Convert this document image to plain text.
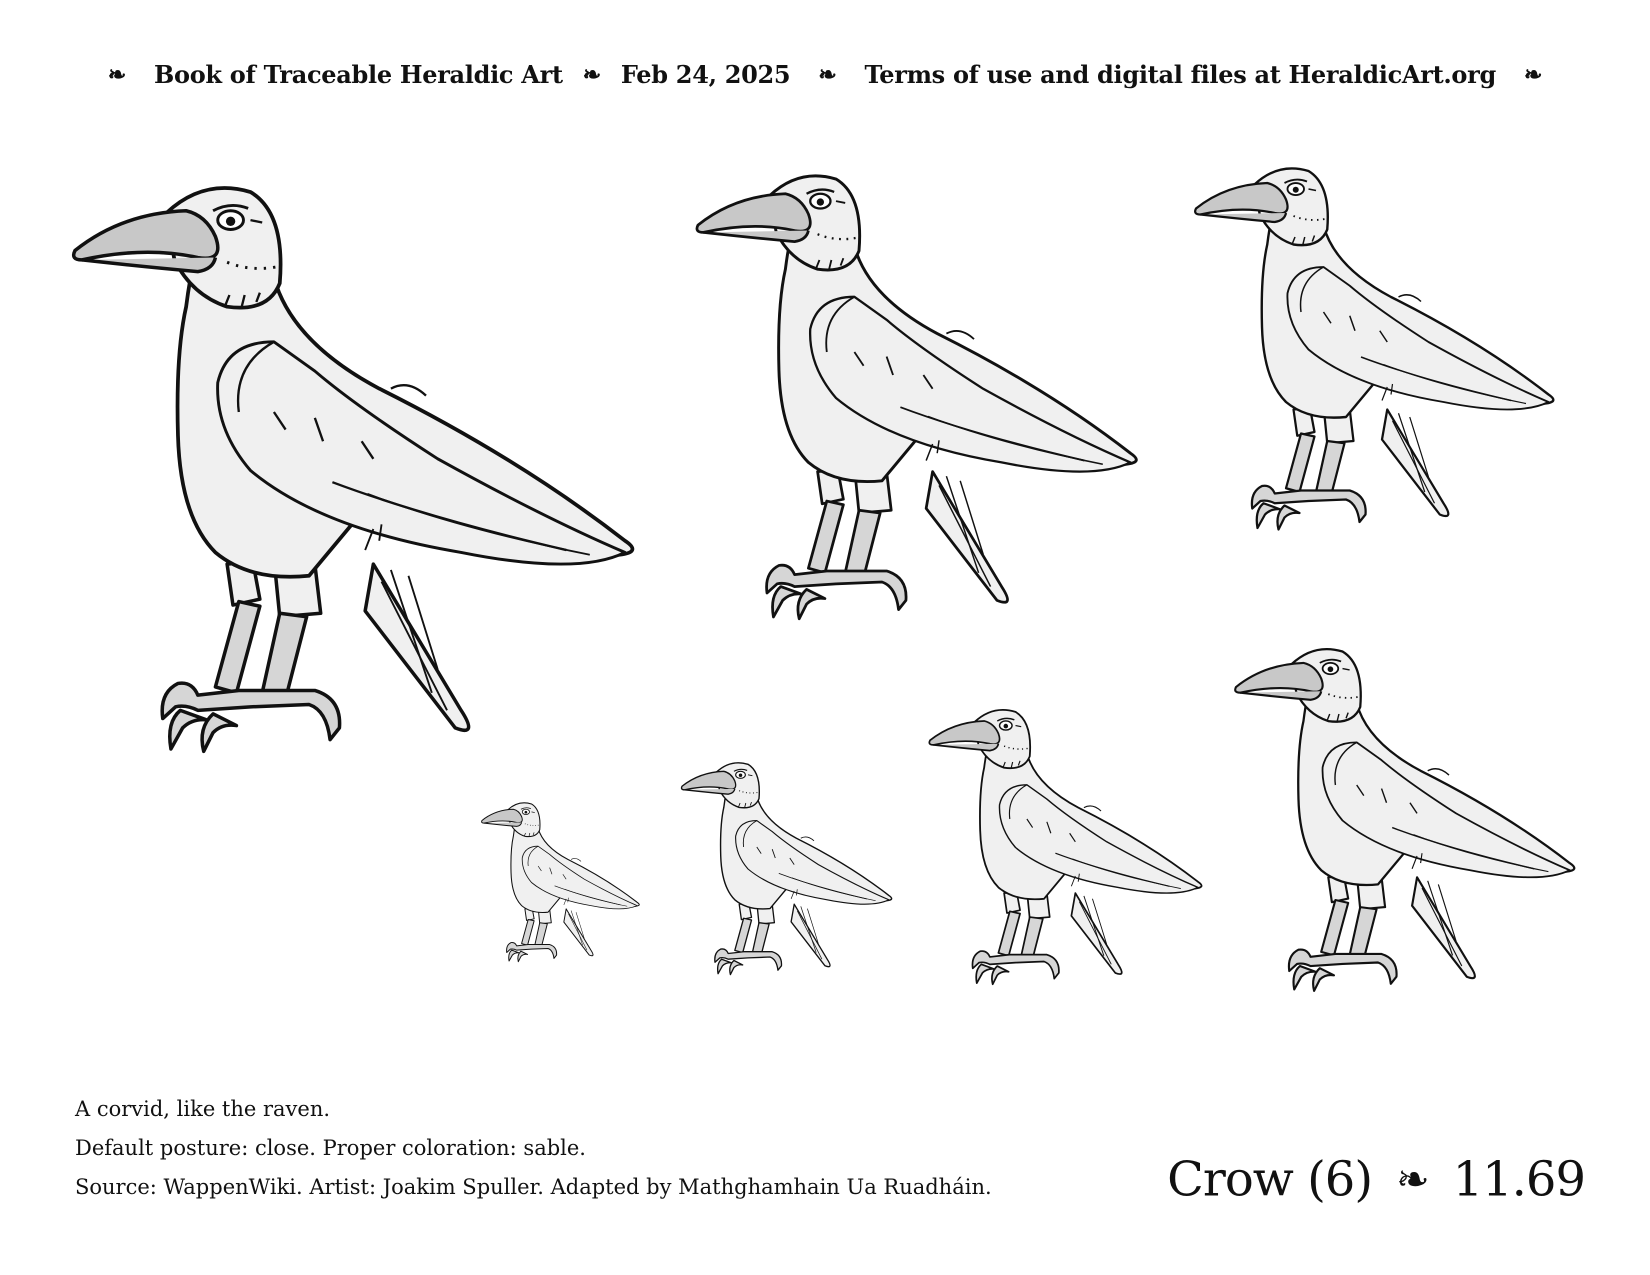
❧ Book of Traceable Heraldic Art ❧ Feb 24, 2025 ❧ Terms of use and digital files at HeraldicArt.org ❧
A corvid, like the raven.
Default posture: close. Proper coloration: sable.
Source: WappenWiki. Artist: Joakim Spuller. Adapted by Mathghamhain Ua Ruadháin.	Crow (6) ❧ 11.69
